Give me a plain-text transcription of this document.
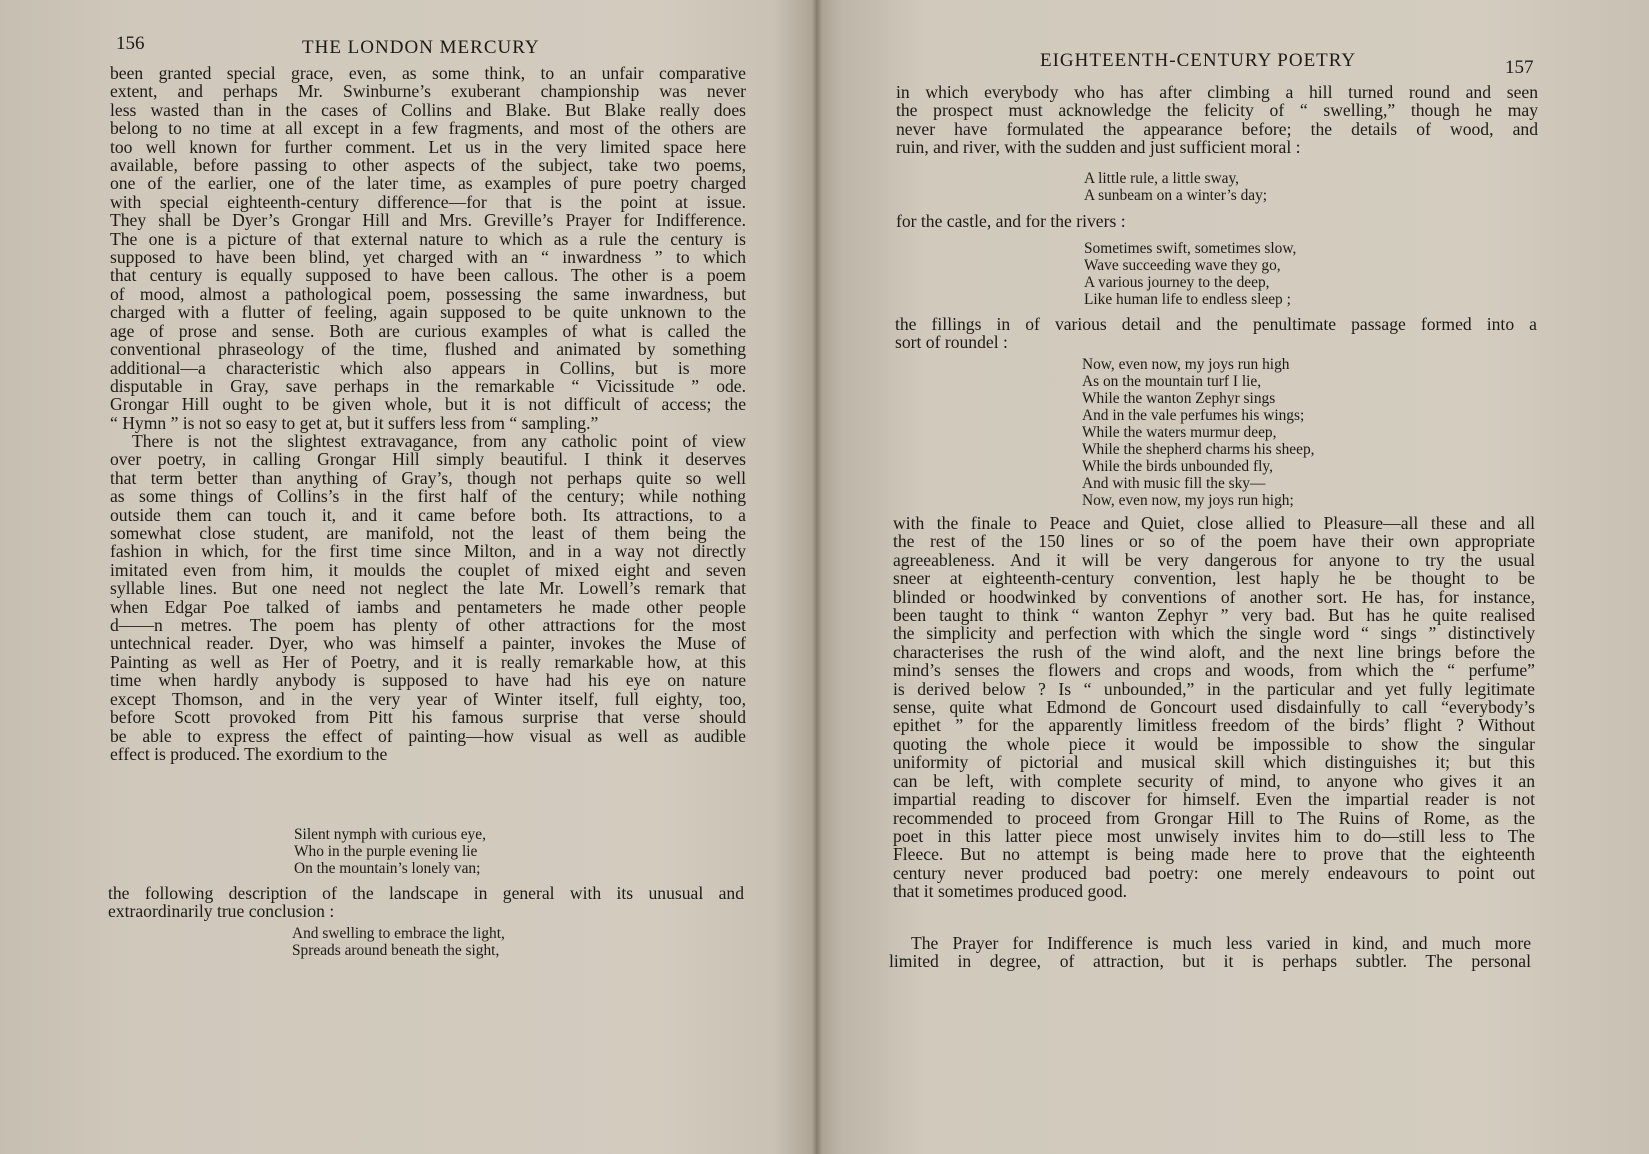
156	THE LONDON MERCURY
been granted special grace, even, as some think, to an unfair comparative
extent, and perhaps Mr. Swinburne’s exuberant championship was never
less wasted than in the cases of Collins and Blake. But Blake really does
belong to no time at all except in a few fragments, and most of the others are
too well known for further comment. Let us in the very limited space here
available, before passing to other aspects of the subject, take two poems,
one of the earlier, one of the later time, as examples of pure poetry charged
with special eighteenth-century difference—for that is the point at issue.
They shall be Dyer’s Grongar Hill and Mrs. Greville’s Prayer for Indifference.
The one is a picture of that external nature to which as a rule the century is
supposed to have been blind, yet charged with an “ inwardness ” to which
that century is equally supposed to have been callous. The other is a poem
of mood, almost a pathological poem, possessing the same inwardness, but
charged with a flutter of feeling, again supposed to be quite unknown to the
age of prose and sense. Both are curious examples of what is called the
conventional phraseology of the time, flushed and animated by something
additional—a characteristic which also appears in Collins, but is more
disputable in Gray, save perhaps in the remarkable “ Vicissitude ” ode.
Grongar Hill ought to be given whole, but it is not difficult of access; the
“ Hymn ” is not so easy to get at, but it suffers less from “ sampling.”
There is not the slightest extravagance, from any catholic point of view
over poetry, in calling Grongar Hill simply beautiful. I think it deserves
that term better than anything of Gray’s, though not perhaps quite so well
as some things of Collins’s in the first half of the century; while nothing
outside them can touch it, and it came before both. Its attractions, to a
somewhat close student, are manifold, not the least of them being the
fashion in which, for the first time since Milton, and in a way not directly
imitated even from him, it moulds the couplet of mixed eight and seven
syllable lines. But one need not neglect the late Mr. Lowell’s remark that
when Edgar Poe talked of iambs and pentameters he made other people
d——n metres. The poem has plenty of other attractions for the most
untechnical reader. Dyer, who was himself a painter, invokes the Muse of
Painting as well as Her of Poetry, and it is really remarkable how, at this
time when hardly anybody is supposed to have had his eye on nature
except Thomson, and in the very year of Winter itself, full eighty, too,
before Scott provoked from Pitt his famous surprise that verse should
be able to express the effect of painting—how visual as well as audible
effect is produced. The exordium to the
Silent nymph with curious eye,
Who in the purple evening lie
On the mountain’s lonely van;
the following description of the landscape in general with its unusual and
extraordinarily true conclusion :
And swelling to embrace the light,
Spreads around beneath the sight,
EIGHTEENTH-CENTURY POETRY	157
in which everybody who has after climbing a hill turned round and seen
the prospect must acknowledge the felicity of “ swelling,” though he may
never have formulated the appearance before; the details of wood, and
ruin, and river, with the sudden and just sufficient moral :
A little rule, a little sway,
A sunbeam on a winter’s day;
for the castle, and for the rivers :
Sometimes swift, sometimes slow,
Wave succeeding wave they go,
A various journey to the deep,
Like human life to endless sleep ;
the fillings in of various detail and the penultimate passage formed into a
sort of roundel :
Now, even now, my joys run high
As on the mountain turf I lie,
While the wanton Zephyr sings
And in the vale perfumes his wings;
While the waters murmur deep,
While the shepherd charms his sheep,
While the birds unbounded fly,
And with music fill the sky—
Now, even now, my joys run high;
with the finale to Peace and Quiet, close allied to Pleasure—all these and all
the rest of the 150 lines or so of the poem have their own appropriate
agreeableness. And it will be very dangerous for anyone to try the usual
sneer at eighteenth-century convention, lest haply he be thought to be
blinded or hoodwinked by conventions of another sort. He has, for instance,
been taught to think “ wanton Zephyr ” very bad. But has he quite realised
the simplicity and perfection with which the single word “ sings ” distinctively
characterises the rush of the wind aloft, and the next line brings before the
mind’s senses the flowers and crops and woods, from which the “ perfume”
is derived below ? Is “ unbounded,” in the particular and yet fully legitimate
sense, quite what Edmond de Goncourt used disdainfully to call “everybody’s
epithet ” for the apparently limitless freedom of the birds’ flight ? Without
quoting the whole piece it would be impossible to show the singular
uniformity of pictorial and musical skill which distinguishes it; but this
can be left, with complete security of mind, to anyone who gives it an
impartial reading to discover for himself. Even the impartial reader is not
recommended to proceed from Grongar Hill to The Ruins of Rome, as the
poet in this latter piece most unwisely invites him to do—still less to The
Fleece. But no attempt is being made here to prove that the eighteenth
century never produced bad poetry: one merely endeavours to point out
that it sometimes produced good.
The Prayer for Indifference is much less varied in kind, and much more
limited in degree, of attraction, but it is perhaps subtler. The personal
